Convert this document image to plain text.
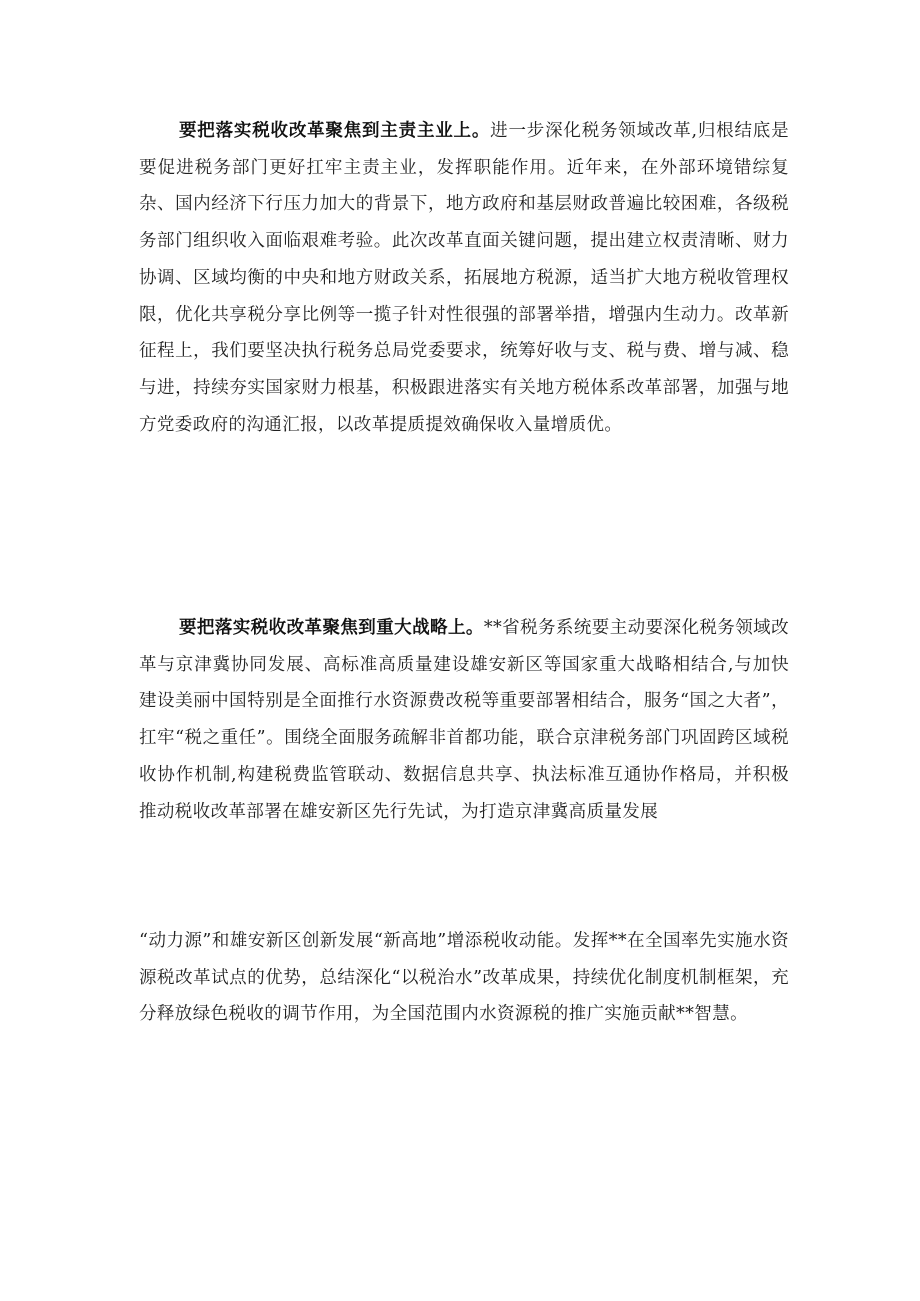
要把落实税收改革聚焦到主责主业上。进一步深化税务领域改革,归根结底是要促进税务部门更好扛牢主责主业，发挥职能作用。近年来，在外部环境错综复杂、国内经济下行压力加大的背景下，地方政府和基层财政普遍比较困难，各级税务部门组织收入面临艰难考验。此次改革直面关键问题，提出建立权责清晰、财力协调、区域均衡的中央和地方财政关系，拓展地方税源，适当扩大地方税收管理权限，优化共享税分享比例等一揽子针对性很强的部署举措，增强内生动力。改革新征程上，我们要坚决执行税务总局党委要求，统筹好收与支、税与费、增与减、稳与进，持续夯实国家财力根基，积极跟进落实有关地方税体系改革部署，加强与地方党委政府的沟通汇报，以改革提质提效确保收入量增质优。

要把落实税收改革聚焦到重大战略上。**省税务系统要主动要深化税务领域改革与京津冀协同发展、高标准高质量建设雄安新区等国家重大战略相结合,与加快建设美丽中国特别是全面推行水资源费改税等重要部署相结合，服务“国之大者”，扛牢“税之重任”。围绕全面服务疏解非首都功能，联合京津税务部门巩固跨区域税收协作机制,构建税费监管联动、数据信息共享、执法标准互通协作格局，并积极推动税收改革部署在雄安新区先行先试，为打造京津冀高质量发展

“动力源”和雄安新区创新发展“新高地”增添税收动能。发挥**在全国率先实施水资源税改革试点的优势，总结深化“以税治水”改革成果，持续优化制度机制框架，充分释放绿色税收的调节作用，为全国范围内水资源税的推广实施贡献**智慧。
